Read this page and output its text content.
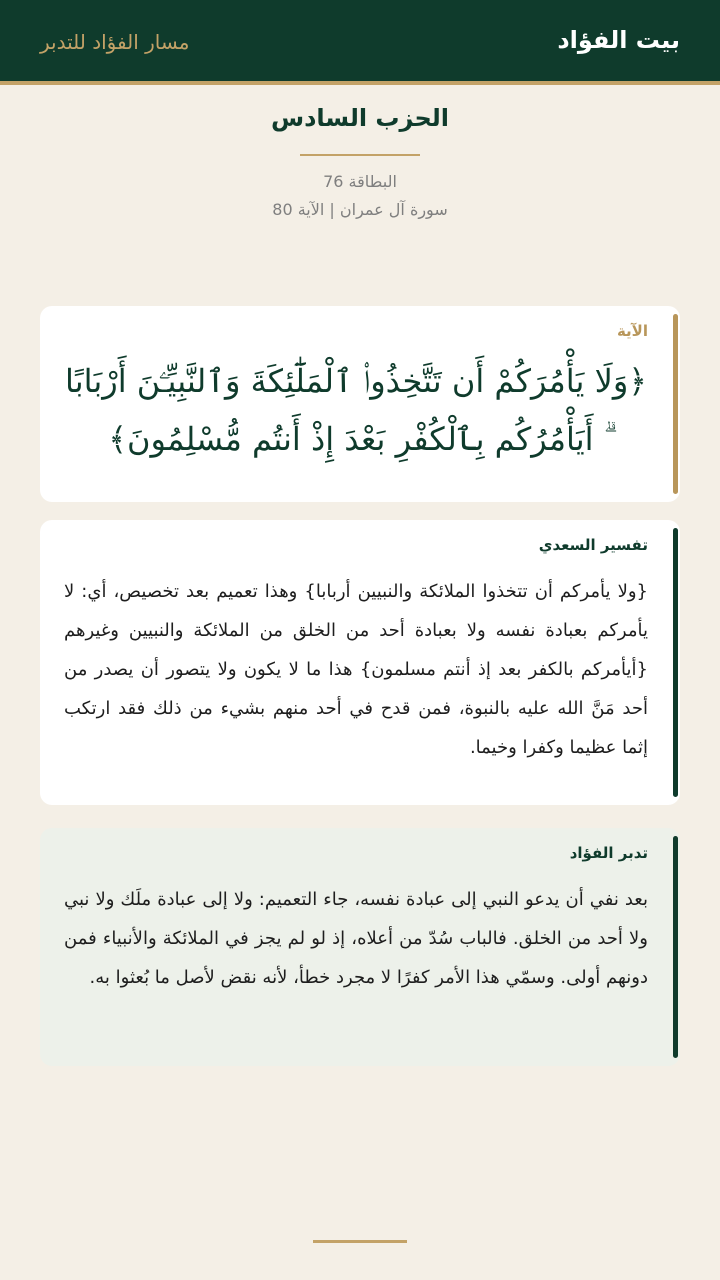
بيت الفؤاد
مسار الفؤاد للتدبر
الحزب السادس
البطاقة 76
سورة آل عمران | الآية 80
الآية
﴿وَلَا يَأْمُرَكُمْ أَن تَتَّخِذُوا۟ ٱلْمَلَٰٓئِكَةَ وَٱلنَّبِيِّـۧنَ أَرْبَابًا ۗ أَيَأْمُرُكُم بِٱلْكُفْرِ بَعْدَ إِذْ أَنتُم مُّسْلِمُونَ﴾
تفسير السعدي
{ولا يأمركم أن تتخذوا الملائكة والنبيين أربابا} وهذا تعميم بعد تخصيص، أي: لا يأمركم بعبادة نفسه ولا بعبادة أحد من الخلق من الملائكة والنبيين وغيرهم {أيأمركم بالكفر بعد إذ أنتم مسلمون} هذا ما لا يكون ولا يتصور أن يصدر من أحد مَنَّ الله عليه بالنبوة، فمن قدح في أحد منهم بشيء من ذلك فقد ارتكب إثما عظيما وكفرا وخيما.
تدبر الفؤاد
بعد نفي أن يدعو النبي إلى عبادة نفسه، جاء التعميم: ولا إلى عبادة ملَك ولا نبي ولا أحد من الخلق. فالباب سُدّ من أعلاه، إذ لو لم يجز في الملائكة والأنبياء فمن دونهم أولى. وسمّي هذا الأمر كفرًا لا مجرد خطأ، لأنه نقض لأصل ما بُعثوا به.
